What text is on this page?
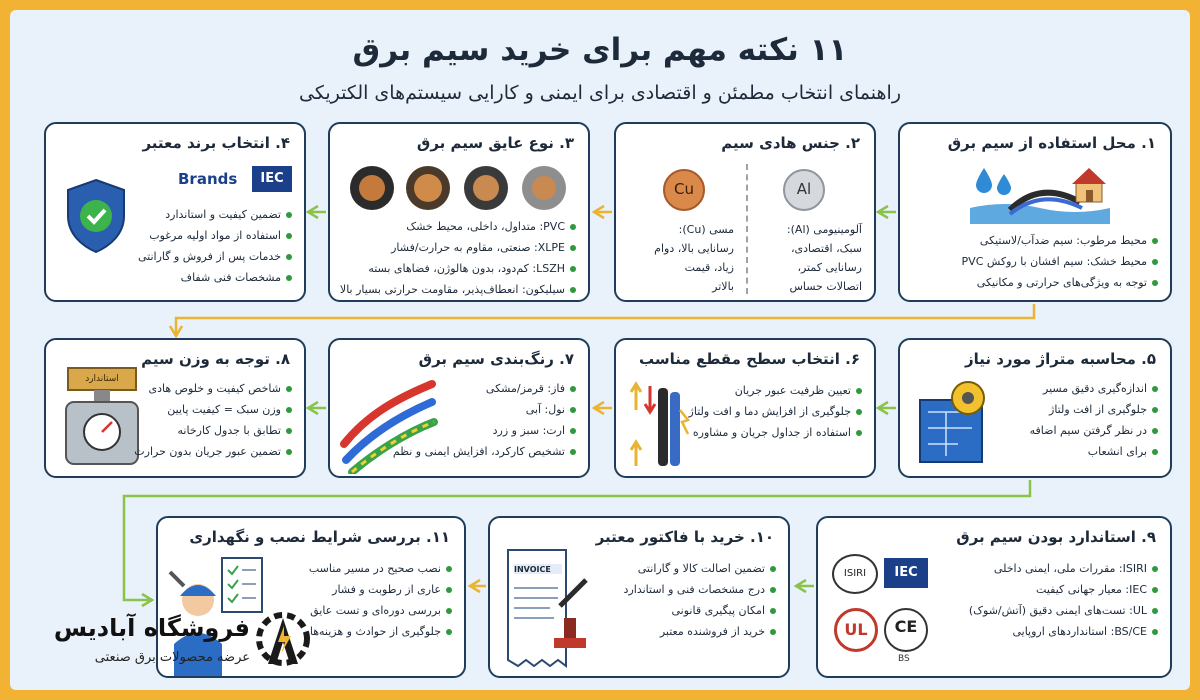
۱۱ نکته مهم برای خرید سیم برق
راهنمای انتخاب مطمئن و اقتصادی برای ایمنی و کارایی سیستم‌های الکتریکی
۱. محل استفاده از سیم برق
محیط مرطوب: سیم ضدآب/لاستیکی
محیط خشک: سیم افشان با روکش PVC
توجه به ویژگی‌های حرارتی و مکانیکی
۲. جنس هادی سیم
Al
Cu
آلومینیومی (Al):
سبک، اقتصادی،
رسانایی کمتر،
اتصالات حساس
مسی (Cu):
رسانایی بالا، دوام
زیاد، قیمت
بالاتر
۳. نوع عایق سیم برق
PVC: متداول، داخلی، محیط خشک
XLPE: صنعتی، مقاوم به حرارت/فشار
LSZH: کم‌دود، بدون هالوژن، فضاهای بسته
سیلیکون: انعطاف‌پذیر، مقاومت حرارتی بسیار بالا
۴. انتخاب برند معتبر
IEC
Brands
تضمین کیفیت و استاندارد
استفاده از مواد اولیه مرغوب
خدمات پس از فروش و گارانتی
مشخصات فنی شفاف
۵. محاسبه متراژ مورد نیاز
اندازه‌گیری دقیق مسیر
جلوگیری از افت ولتاژ
در نظر گرفتن سیم اضافه
برای انشعاب
۶. انتخاب سطح مقطع مناسب
تعیین ظرفیت عبور جریان
جلوگیری از افزایش دما و افت ولتاژ
استفاده از جداول جریان و مشاوره
۷. رنگ‌بندی سیم برق
فاز: قرمز/مشکی
نول: آبی
ارت: سبز و زرد
تشخیص کارکرد، افزایش ایمنی و نظم
۸. توجه به وزن سیم
استاندارد
شاخص کیفیت و خلوص هادی
وزن سبک = کیفیت پایین
تطابق با جدول کارخانه
تضمین عبور جریان بدون حرارت
۹. استاندارد بودن سیم برق
ISIRI	IEC
UL	CE
BS
ISIRI: مقررات ملی، ایمنی داخلی
IEC: معیار جهانی کیفیت
UL: تست‌های ایمنی دقیق (آتش/شوک)
BS/CE: استانداردهای اروپایی
۱۰. خرید با فاکتور معتبر
INVOICE	تضمین اصالت کالا و گارانتی
درج مشخصات فنی و استاندارد
امکان پیگیری قانونی
خرید از فروشنده معتبر
۱۱. بررسی شرایط نصب و نگهداری
نصب صحیح در مسیر مناسب
عاری از رطوبت و فشار
بررسی دوره‌ای و تست عایق
جلوگیری از حوادث و هزینه‌ها
فروشگاه آبادیس
عرضه محصولات برق صنعتی
